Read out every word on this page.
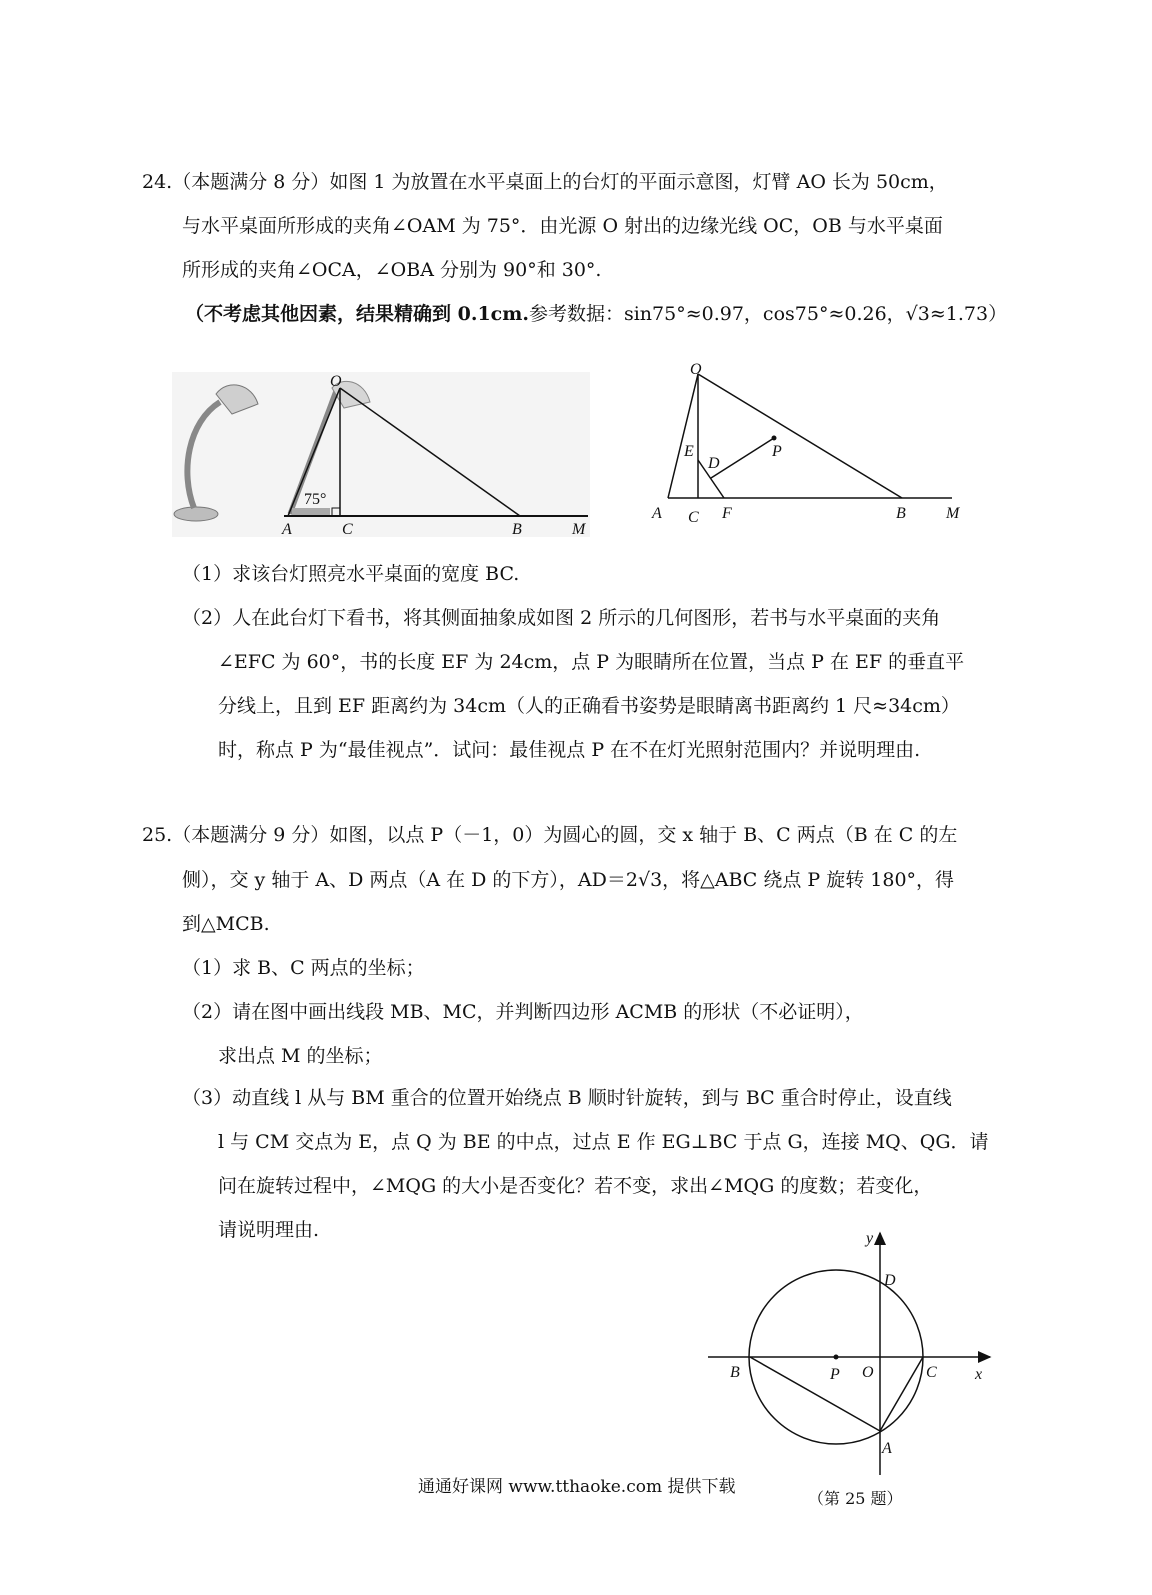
24.（本题满分 8 分）如图 1 为放置在水平桌面上的台灯的平面示意图，灯臂 AO 长为 50cm，
与水平桌面所形成的夹角∠OAM 为 75°．由光源 O 射出的边缘光线 OC，OB 与水平桌面
所形成的夹角∠OCA，∠OBA 分别为 90°和 30°.
（不考虑其他因素，结果精确到 0.1cm.参考数据：sin75°≈0.97，cos75°≈0.26，√3≈1.73）
O
75°
A	C	B	M
O
E
D
P
A C F	B	M
（1）求该台灯照亮水平桌面的宽度 BC.
（2）人在此台灯下看书，将其侧面抽象成如图 2 所示的几何图形，若书与水平桌面的夹角
∠EFC 为 60°，书的长度 EF 为 24cm，点 P 为眼睛所在位置，当点 P 在 EF 的垂直平
分线上，且到 EF 距离约为 34cm（人的正确看书姿势是眼睛离书距离约 1 尺≈34cm）
时，称点 P 为“最佳视点”．试问：最佳视点 P 在不在灯光照射范围内？并说明理由.
25.（本题满分 9 分）如图，以点 P（－1，0）为圆心的圆，交 x 轴于 B、C 两点（B 在 C 的左
侧），交 y 轴于 A、D 两点（A 在 D 的下方），AD＝2√3，将△ABC 绕点 P 旋转 180°，得
到△MCB.
（1）求 B、C 两点的坐标；
（2）请在图中画出线段 MB、MC，并判断四边形 ACMB 的形状（不必证明），
求出点 M 的坐标；
（3）动直线 l 从与 BM 重合的位置开始绕点 B 顺时针旋转，到与 BC 重合时停止，设直线
l 与 CM 交点为 E，点 Q 为 BE 的中点，过点 E 作 EG⊥BC 于点 G，连接 MQ、QG．请
问在旋转过程中，∠MQG 的大小是否变化？若不变，求出∠MQG 的度数；若变化，
请说明理由.	y
x
D
B	P O	C
A
（第 25 题）
通通好课网 www.tthaoke.com 提供下载
